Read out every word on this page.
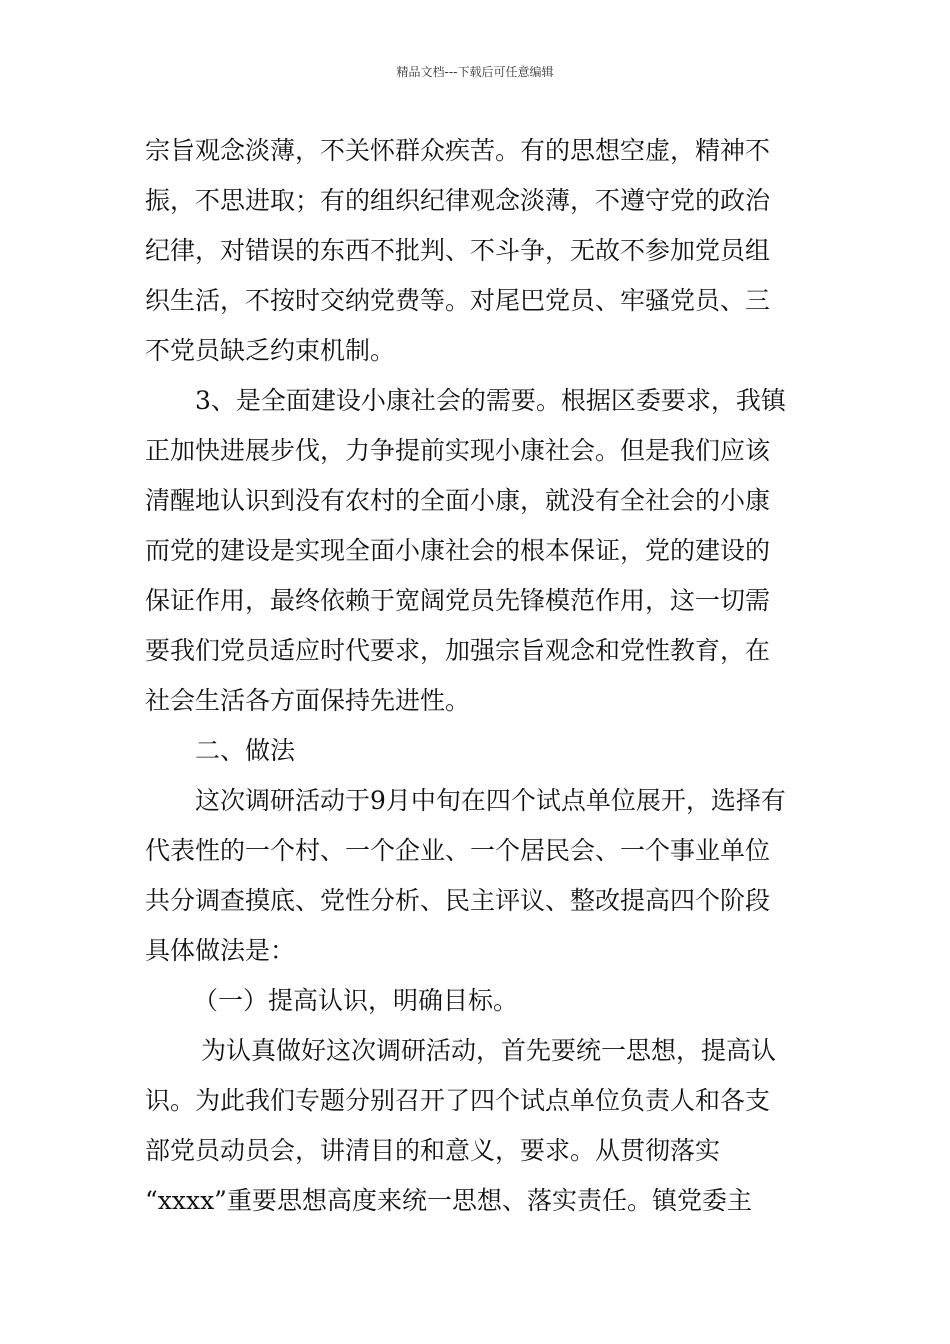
精品文档---下载后可任意编辑
宗旨观念淡薄，不关怀群众疾苦。有的思想空虚，精神不
振，不思进取；有的组织纪律观念淡薄，不遵守党的政治
纪律，对错误的东西不批判、不斗争，无故不参加党员组
织生活，不按时交纳党费等。对尾巴党员、牢骚党员、三
不党员缺乏约束机制。
3、是全面建设小康社会的需要。根据区委要求，我镇
正加快进展步伐，力争提前实现小康社会。但是我们应该
清醒地认识到没有农村的全面小康，就没有全社会的小康
而党的建设是实现全面小康社会的根本保证，党的建设的
保证作用，最终依赖于宽阔党员先锋模范作用，这一切需
要我们党员适应时代要求，加强宗旨观念和党性教育，在
社会生活各方面保持先进性。
二、做法
这次调研活动于9月中旬在四个试点单位展开，选择有
代表性的一个村、一个企业、一个居民会、一个事业单位
共分调查摸底、党性分析、民主评议、整改提高四个阶段
具体做法是：
（一）提高认识，明确目标。
为认真做好这次调研活动，首先要统一思想，提高认
识。为此我们专题分别召开了四个试点单位负责人和各支
部党员动员会，讲清目的和意义，要求。从贯彻落实
“xxxx”重要思想高度来统一思想、落实责任。镇党委主
